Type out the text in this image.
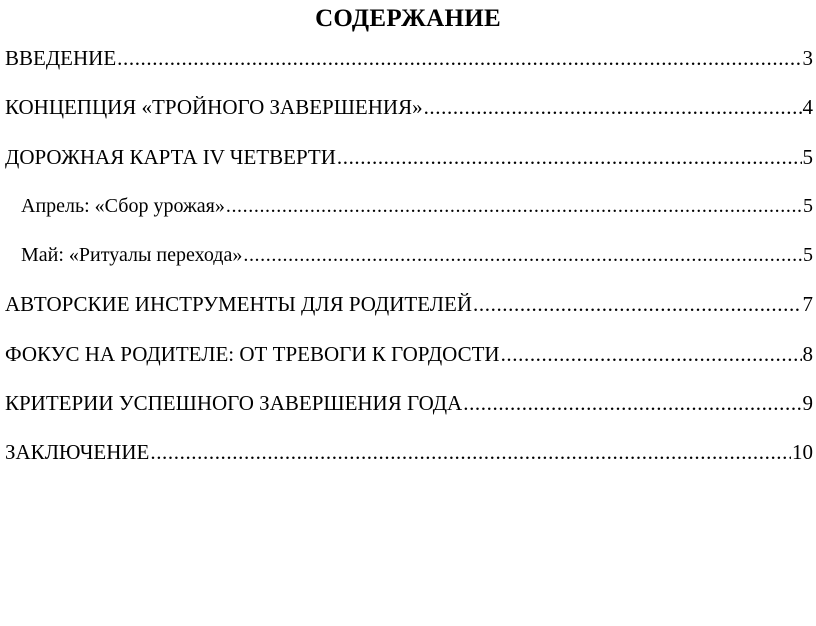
СОДЕРЖАНИЕ
ВВЕДЕНИЕ .....	3
КОНЦЕПЦИЯ «ТРОЙНОГО ЗАВЕРШЕНИЯ» .....	4
ДОРОЖНАЯ КАРТА IV ЧЕТВЕРТИ .....	5
Апрель: «Сбор урожая» .....	5
Май: «Ритуалы перехода» .....	5
АВТОРСКИЕ ИНСТРУМЕНТЫ ДЛЯ РОДИТЕЛЕЙ .....	7
ФОКУС НА РОДИТЕЛЕ: ОТ ТРЕВОГИ К ГОРДОСТИ .....	8
КРИТЕРИИ УСПЕШНОГО ЗАВЕРШЕНИЯ ГОДА .....	9
ЗАКЛЮЧЕНИЕ .....	10
